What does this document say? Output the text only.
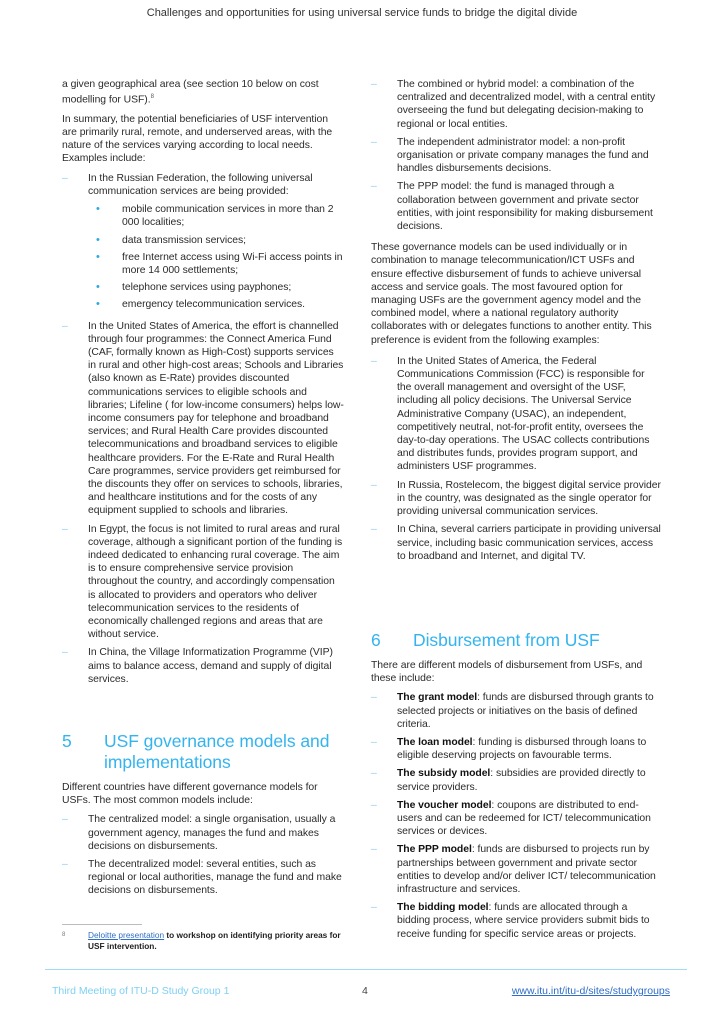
Challenges and opportunities for using universal service funds to bridge the digital divide

a given geographical area (see section 10 below on cost modelling for USF).$^8$

In summary, the potential beneficiaries of USF intervention are primarily rural, remote, and underserved areas, with the nature of the services varying according to local needs. Examples include:

– In the Russian Federation, the following universal communication services are being provided:
• mobile communication services in more than 2 000 localities;
• data transmission services;
• free Internet access using Wi-Fi access points in more 14 000 settlements;
• telephone services using payphones;
• emergency telecommunication services.
– In the United States of America, the effort is channelled through four programmes: the Connect America Fund (CAF, formally known as High-Cost) supports services in rural and other high-cost areas; Schools and Libraries (also known as E-Rate) provides discounted communications services to eligible schools and libraries; Lifeline ( for low-income consumers) helps low-income consumers pay for telephone and broadband services; and Rural Health Care provides discounted telecommunications and broadband services to eligible healthcare providers. For the E-Rate and Rural Health Care programmes, service providers get reimbursed for the discounts they offer on services to schools, libraries, and healthcare institutions and for the costs of any equipment supplied to schools and libraries.
– In Egypt, the focus is not limited to rural areas and rural coverage, although a significant portion of the funding is indeed dedicated to enhancing rural coverage. The aim is to ensure comprehensive service provision throughout the country, and accordingly compensation is allocated to providers and operators who deliver telecommunication services to the residents of economically challenged regions and areas that are without service.
– In China, the Village Informatization Programme (VIP) aims to balance access, demand and supply of digital services.
5	USF governance models and implementations

Different countries have different governance models for USFs. The most common models include:

– The centralized model: a single organisation, usually a government agency, manages the fund and makes decisions on disbursements.
– The decentralized model: several entities, such as regional or local authorities, manage the fund and make decisions on disbursements.
8	Deloitte presentation to workshop on identifying priority areas for USF intervention.
– The combined or hybrid model: a combination of the centralized and decentralized model, with a central entity overseeing the fund but delegating decision-making to regional or local entities.
– The independent administrator model: a non-profit organisation or private company manages the fund and handles disbursements decisions.
– The PPP model: the fund is managed through a collaboration between government and private sector entities, with joint responsibility for making disbursement decisions.

These governance models can be used individually or in combination to manage telecommunication/ICT USFs and ensure effective disbursement of funds to achieve universal access and service goals. The most favoured option for managing USFs are the government agency model and the combined model, where a national regulatory authority collaborates with or delegates functions to another entity. This preference is evident from the following examples:

– In the United States of America, the Federal Communications Commission (FCC) is responsible for the overall management and oversight of the USF, including all policy decisions. The Universal Service Administrative Company (USAC), an independent, competitively neutral, not-for-profit entity, oversees the day-to-day operations. The USAC collects contributions and distributes funds, provides program support, and administers USF programmes.
– In Russia, Rostelecom, the biggest digital service provider in the country, was designated as the single operator for providing universal communication services.
– In China, several carriers participate in providing universal service, including basic communication services, access to broadband and Internet, and digital TV.
6	Disbursement from USF

There are different models of disbursement from USFs, and these include:

– The grant model: funds are disbursed through grants to selected projects or initiatives on the basis of defined criteria.
– The loan model: funding is disbursed through loans to eligible deserving projects on favourable terms.
– The subsidy model: subsidies are provided directly to service providers.
– The voucher model: coupons are distributed to end-users and can be redeemed for ICT/ telecommunication services or devices.
– The PPP model: funds are disbursed to projects run by partnerships between government and private sector entities to develop and/or deliver ICT/ telecommunication infrastructure and services.
– The bidding model: funds are allocated through a bidding process, where service providers submit bids to receive funding for specific service areas or projects.
Third Meeting of ITU-D Study Group 1	4	www.itu.int/itu-d/sites/studygroups
